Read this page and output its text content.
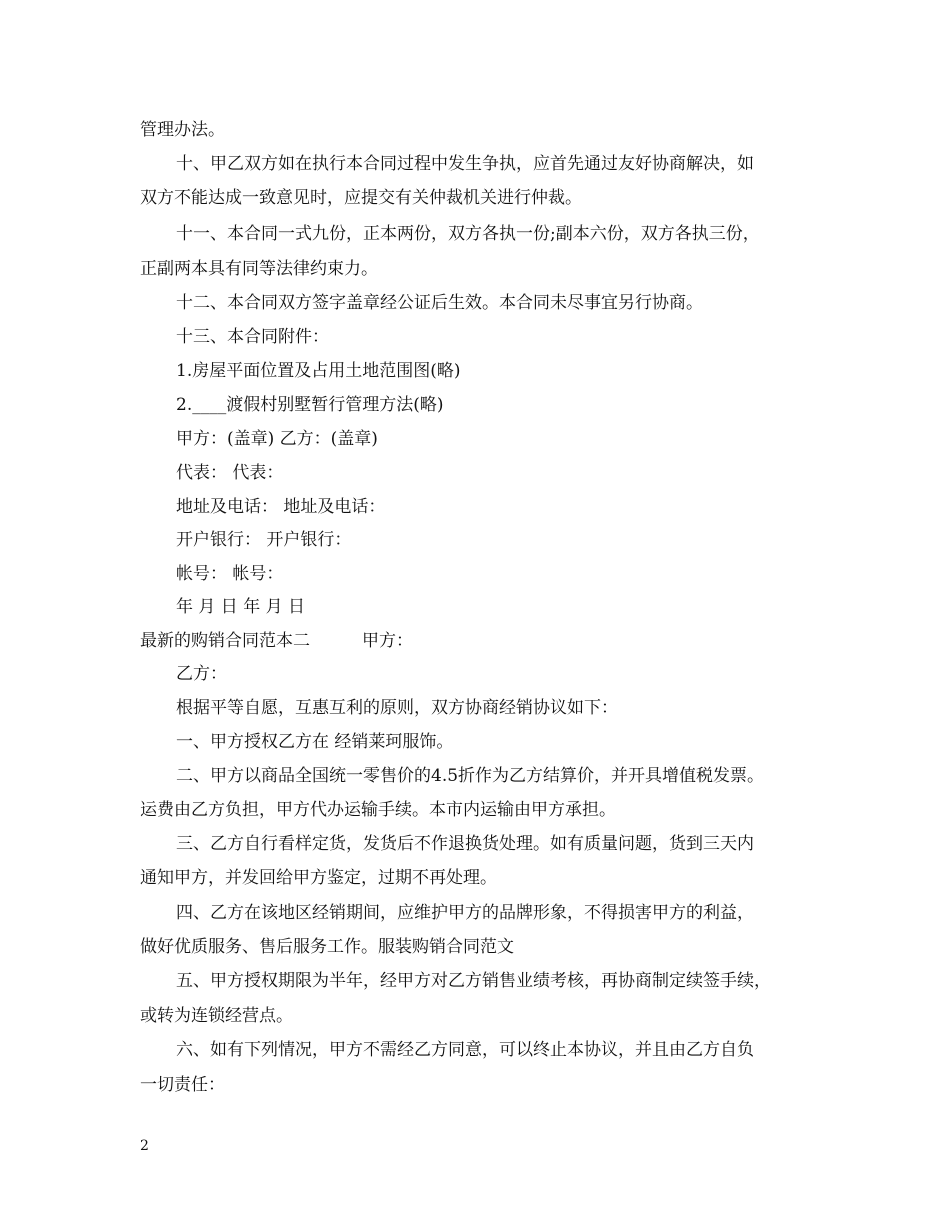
管理办法。
十、甲乙双方如在执行本合同过程中发生争执，应首先通过友好协商解决，如
双方不能达成一致意见时，应提交有关仲裁机关进行仲裁。
十一、本合同一式九份，正本两份，双方各执一份;副本六份，双方各执三份，
正副两本具有同等法律约束力。
十二、本合同双方签字盖章经公证后生效。本合同未尽事宜另行协商。
十三、本合同附件：
1.房屋平面位置及占用土地范围图(略)
2.____渡假村别墅暂行管理方法(略)
甲方：(盖章) 乙方：(盖章)
代表： 代表：
地址及电话： 地址及电话：
开户银行： 开户银行：
帐号： 帐号：
年 月 日 年 月 日
最新的购销合同范本二	甲方：
乙方：
根据平等自愿，互惠互利的原则，双方协商经销协议如下：
一、甲方授权乙方在 经销莱珂服饰。
二、甲方以商品全国统一零售价的4.5折作为乙方结算价，并开具增值税发票。
运费由乙方负担，甲方代办运输手续。本市内运输由甲方承担。
三、乙方自行看样定货，发货后不作退换货处理。如有质量问题，货到三天内
通知甲方，并发回给甲方鉴定，过期不再处理。
四、乙方在该地区经销期间，应维护甲方的品牌形象，不得损害甲方的利益，
做好优质服务、售后服务工作。服装购销合同范文
五、甲方授权期限为半年，经甲方对乙方销售业绩考核，再协商制定续签手续，
或转为连锁经营点。
六、如有下列情况，甲方不需经乙方同意，可以终止本协议，并且由乙方自负
一切责任：
2
